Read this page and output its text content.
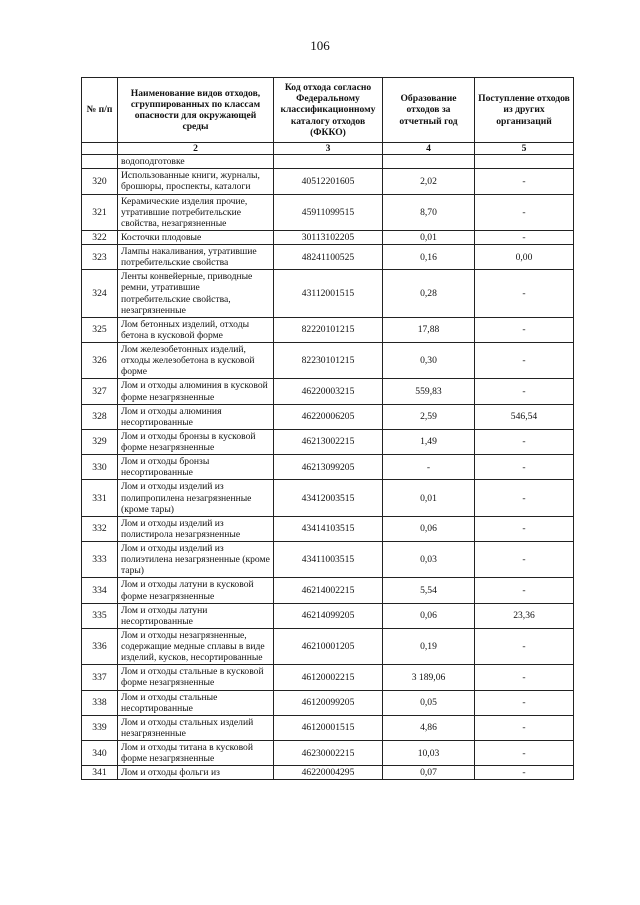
106
№ п/п	Наименование видов отходов, сгруппированных по классам опасности для окружающей среды	Код отхода согласно Федеральному классификационному каталогу отходов (ФККО)	Образование отходов за отчетный год	Поступление отходов из других организаций
	2	3	4	5
	водоподготовке			
320	Использованные книги, журналы, брошюры, проспекты, каталоги	40512201605	2,02	-
321	Керамические изделия прочие, утратившие потребительские свойства, незагрязненные	45911099515	8,70	-
322	Косточки плодовые	30113102205	0,01	-
323	Лампы накаливания, утратившие потребительские свойства	48241100525	0,16	0,00
324	Ленты конвейерные, приводные ремни, утратившие потребительские свойства, незагрязненные	43112001515	0,28	-
325	Лом бетонных изделий, отходы бетона в кусковой форме	82220101215	17,88	-
326	Лом железобетонных изделий, отходы железобетона в кусковой форме	82230101215	0,30	-
327	Лом и отходы алюминия в кусковой форме незагрязненные	46220003215	559,83	-
328	Лом и отходы алюминия несортированные	46220006205	2,59	546,54
329	Лом и отходы бронзы в кусковой форме незагрязненные	46213002215	1,49	-
330	Лом и отходы бронзы несортированные	46213099205	-	-
331	Лом и отходы изделий из полипропилена незагрязненные (кроме тары)	43412003515	0,01	-
332	Лом и отходы изделий из полистирола незагрязненные	43414103515	0,06	-
333	Лом и отходы изделий из полиэтилена незагрязненные (кроме тары)	43411003515	0,03	-
334	Лом и отходы латуни в кусковой форме незагрязненные	46214002215	5,54	-
335	Лом и отходы латуни несортированные	46214099205	0,06	23,36
336	Лом и отходы незагрязненные, содержащие медные сплавы в виде изделий, кусков, несортированные	46210001205	0,19	-
337	Лом и отходы стальные в кусковой форме незагрязненные	46120002215	3 189,06	-
338	Лом и отходы стальные несортированные	46120099205	0,05	-
339	Лом и отходы стальных изделий незагрязненные	46120001515	4,86	-
340	Лом и отходы титана в кусковой форме незагрязненные	46230002215	10,03	-
341	Лом и отходы фольги из	46220004295	0,07	-
